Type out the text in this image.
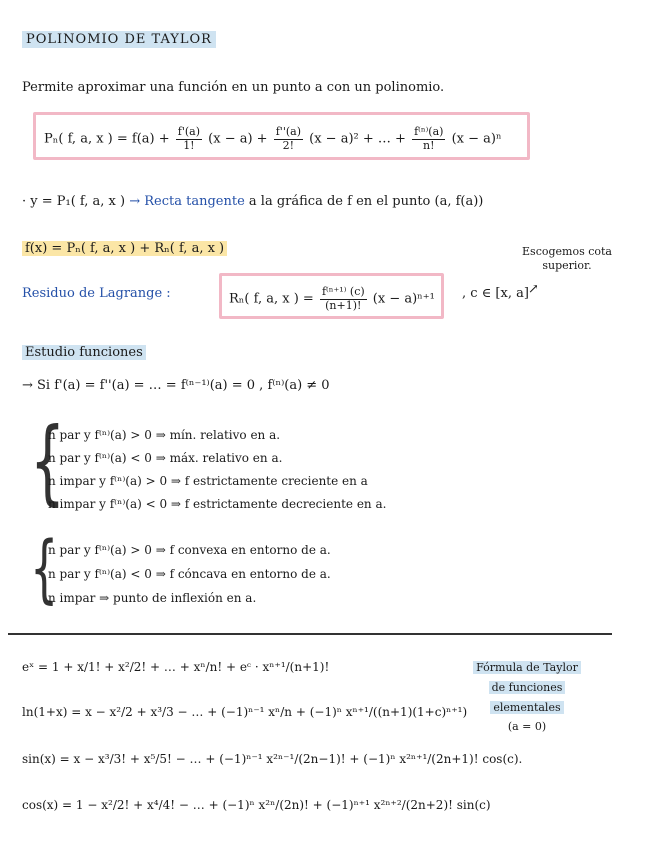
POLINOMIO DE TAYLOR
Permite aproximar una función en un punto a con un polinomio.
Pₙ( f, a, x ) = $f(a) + \frac{f'(a)}{1!} (x - a) + \frac{f''(a)}{2!} (x - a)^2$ + … + $\frac{\text{f⁽ⁿ⁾(a)}}{n!} (x - a)^n$
· y = P₁( f, a, x ) → Recta tangente a la gráfica de f en el punto (a, f(a))
f(x) = Pₙ( f, a, x ) + Rₙ( f, a, x )	Escogemos cota superior.
Residuo de Lagrange :	Rₙ( f, a, x ) = $\frac{\text{f⁽ⁿ⁺¹⁾ (c)}}{(n+1)!} (x - a)^{n+1}$ , c ∈ [x, a] ↗
Estudio funciones
→ Si f'(a) = f''(a) = … = f⁽ⁿ⁻¹⁾(a) = 0 , f⁽ⁿ⁾(a) ≠ 0
{
n par y f⁽ⁿ⁾(a) > 0 ⇒ mín. relativo en a.
n par y f⁽ⁿ⁾(a) < 0 ⇒ máx. relativo en a.
n impar y f⁽ⁿ⁾(a) > 0 ⇒ f estrictamente creciente en a
n impar y f⁽ⁿ⁾(a) < 0 ⇒ f estrictamente decreciente en a.
{
n par y f⁽ⁿ⁾(a) > 0 ⇒ f convexa en entorno de a.
n par y f⁽ⁿ⁾(a) < 0 ⇒ f cóncava en entorno de a.
n impar ⇒ punto de inflexión en a.
eˣ = 1 + x/1! + x²/2! + … + xⁿ/n! + eᶜ · xⁿ⁺¹/(n+1)!
ln(1+x) = x − x²/2 + x³/3 − … + (−1)ⁿ⁻¹ xⁿ/n + (−1)ⁿ xⁿ⁺¹/((n+1)(1+c)ⁿ⁺¹)
sin(x) = x − x³/3! + x⁵/5! − … + (−1)ⁿ⁻¹ x²ⁿ⁻¹/(2n−1)! + (−1)ⁿ x²ⁿ⁺¹/(2n+1)! cos(c).
cos(x) = 1 − x²/2! + x⁴/4! − … + (−1)ⁿ x²ⁿ/(2n)! + (−1)ⁿ⁺¹ x²ⁿ⁺²/(2n+2)! sin(c)
Fórmula de Taylor
de funciones
elementales
(a = 0)
